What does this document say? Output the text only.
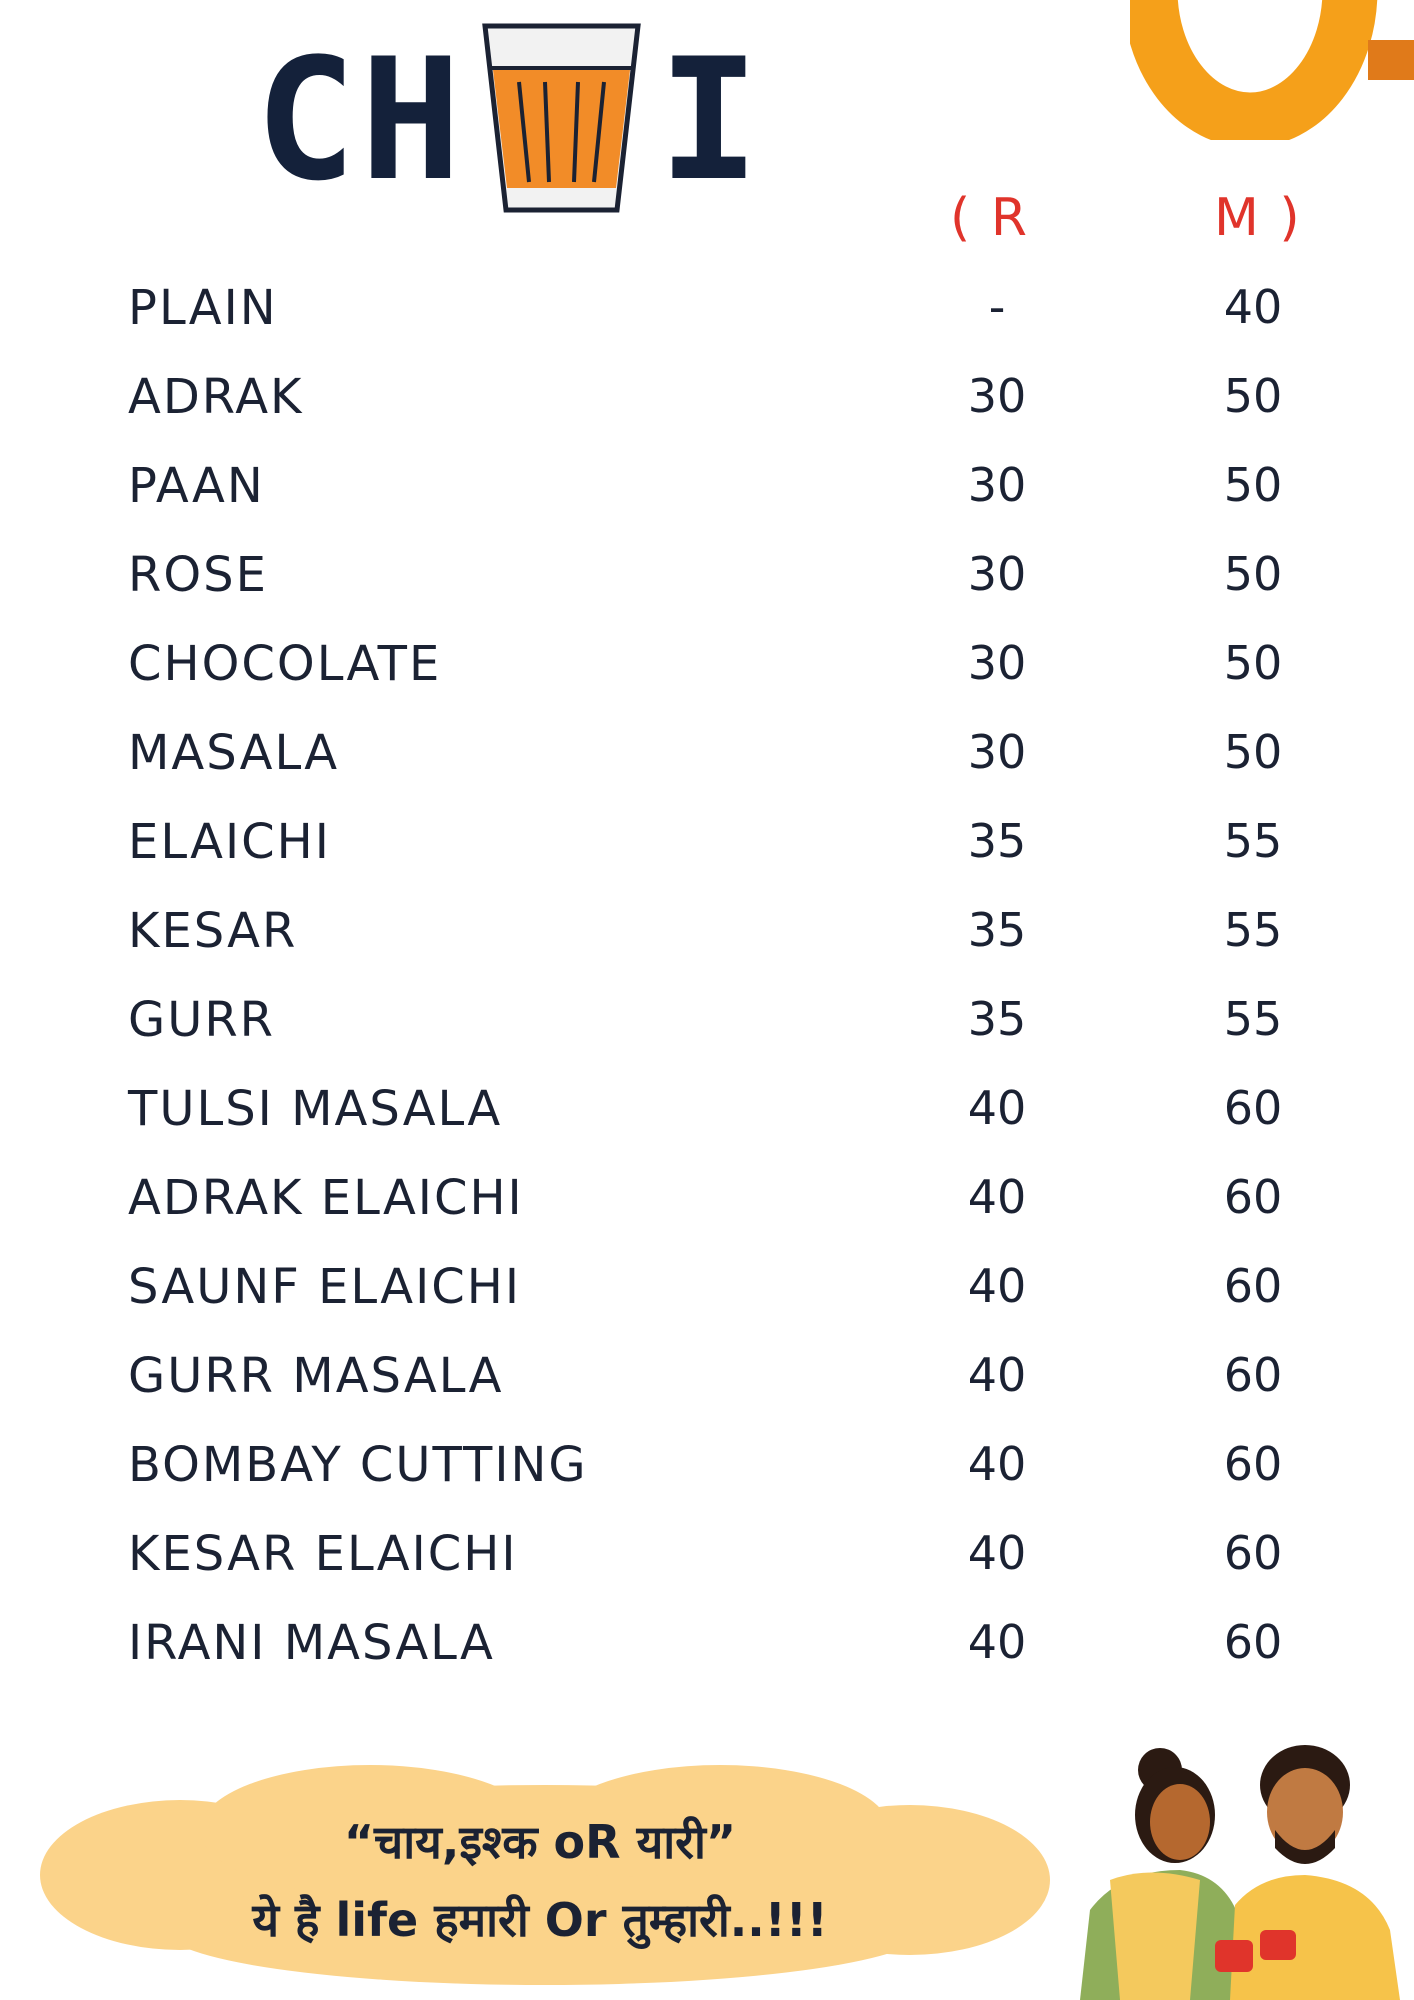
CH I	( R	M )
PLAIN	-	40
ADRAK	30	50
PAAN	30	50
ROSE	30	50
CHOCOLATE	30	50
MASALA	30	50
ELAICHI	35	55
KESAR	35	55
GURR	35	55
TULSI MASALA	40	60
ADRAK ELAICHI	40	60
SAUNF ELAICHI	40	60
GURR MASALA	40	60
BOMBAY CUTTING	40	60
KESAR ELAICHI	40	60
IRANI MASALA	40	60
“चाय,इश्क oR यारी”
ये है life हमारी Or तुम्हारी..!!!
